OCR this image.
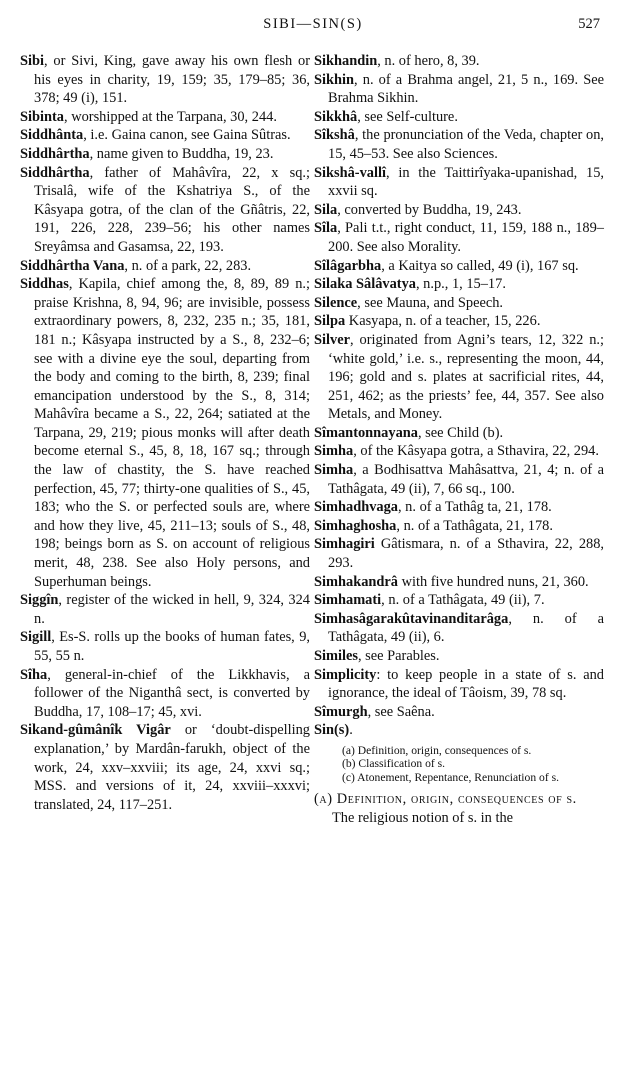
SIBI—SIN(S)	527
Sibi, or Sivi, King, gave away his own flesh or his eyes in charity, 19, 159; 35, 179–85; 36, 378; 49 (i), 151.
Sibinta, worshipped at the Tarpana, 30, 244.
Siddhânta, i.e. Gaina canon, see Gaina Sûtras.
Siddhârtha, name given to Buddha, 19, 23.
Siddhârtha, father of Mahâvîra, 22, x sq.; Trisalâ, wife of the Kshatriya S., of the Kâsyapa gotra, of the clan of the Gñâtris, 22, 191, 226, 228, 239–56; his other names Sreyâmsa and Gasamsa, 22, 193.
Siddhârtha Vana, n. of a park, 22, 283.
Siddhas, Kapila, chief among the, 8, 89, 89 n.; praise Krishna, 8, 94, 96; are invisible, possess extraordinary powers, 8, 232, 235 n.; 35, 181, 181 n.; Kâsyapa instructed by a S., 8, 232–6; see with a divine eye the soul, departing from the body and coming to the birth, 8, 239; final emancipation understood by the S., 8, 314; Mahâvîra became a S., 22, 264; satiated at the Tarpana, 29, 219; pious monks will after death become eternal S., 45, 8, 18, 167 sq.; through the law of chastity, the S. have reached perfection, 45, 77; thirty-one qualities of S., 45, 183; who the S. or perfected souls are, where and how they live, 45, 211–13; souls of S., 48, 198; beings born as S. on account of religious merit, 48, 238. See also Holy persons, and Superhuman beings.
Siggîn, register of the wicked in hell, 9, 324, 324 n.
Sigill, Es-S. rolls up the books of human fates, 9, 55, 55 n.
Sîha, general-in-chief of the Likkhavis, a follower of the Niganthâ sect, is converted by Buddha, 17, 108–17; 45, xvi.
Sikand-gûmânîk Vigâr or ‘doubt-dispelling explanation,’ by Mardân-farukh, object of the work, 24, xxv–xxviii; its age, 24, xxvi sq.; MSS. and versions of it, 24, xxviii–xxxvi; translated, 24, 117–251.
Sikhandin, n. of hero, 8, 39.
Sikhin, n. of a Brahma angel, 21, 5 n., 169. See Brahma Sikhin.
Sikkhâ, see Self-culture.
Sîkshâ, the pronunciation of the Veda, chapter on, 15, 45–53. See also Sciences.
Sikshâ-vallî, in the Taittirîyaka-upanishad, 15, xxvii sq.
Sila, converted by Buddha, 19, 243.
Sîla, Pali t.t., right conduct, 11, 159, 188 n., 189–200. See also Morality.
Sîlâgarbha, a Kaitya so called, 49 (i), 167 sq.
Silaka Sâlâvatya, n.p., 1, 15–17.
Silence, see Mauna, and Speech.
Silpa Kasyapa, n. of a teacher, 15, 226.
Silver, originated from Agni’s tears, 12, 322 n.; ‘white gold,’ i.e. s., representing the moon, 44, 196; gold and s. plates at sacrificial rites, 44, 251, 462; as the priests’ fee, 44, 357. See also Metals, and Money.
Sîmantonnayana, see Child (b).
Simha, of the Kâsyapa gotra, a Sthavira, 22, 294.
Simha, a Bodhisattva Mahâsattva, 21, 4; n. of a Tathâgata, 49 (ii), 7, 66 sq., 100.
Simhadhvaga, n. of a Tathâg ta, 21, 178.
Simhaghosha, n. of a Tathâgata, 21, 178.
Simhagiri Gâtismara, n. of a Sthavira, 22, 288, 293.
Simhakandrâ with five hundred nuns, 21, 360.
Simhamati, n. of a Tathâgata, 49 (ii), 7.
Simhasâgarakûtavinanditarâga, n. of a Tathâgata, 49 (ii), 6.
Similes, see Parables.
Simplicity: to keep people in a state of s. and ignorance, the ideal of Tâoism, 39, 78 sq.
Sîmurgh, see Saêna.
Sin(s).
(a) Definition, origin, consequences of s.
(b) Classification of s.
(c) Atonement, Repentance, Renunciation of s.
(a) Definition, origin, consequences of s.
The religious notion of s. in the
